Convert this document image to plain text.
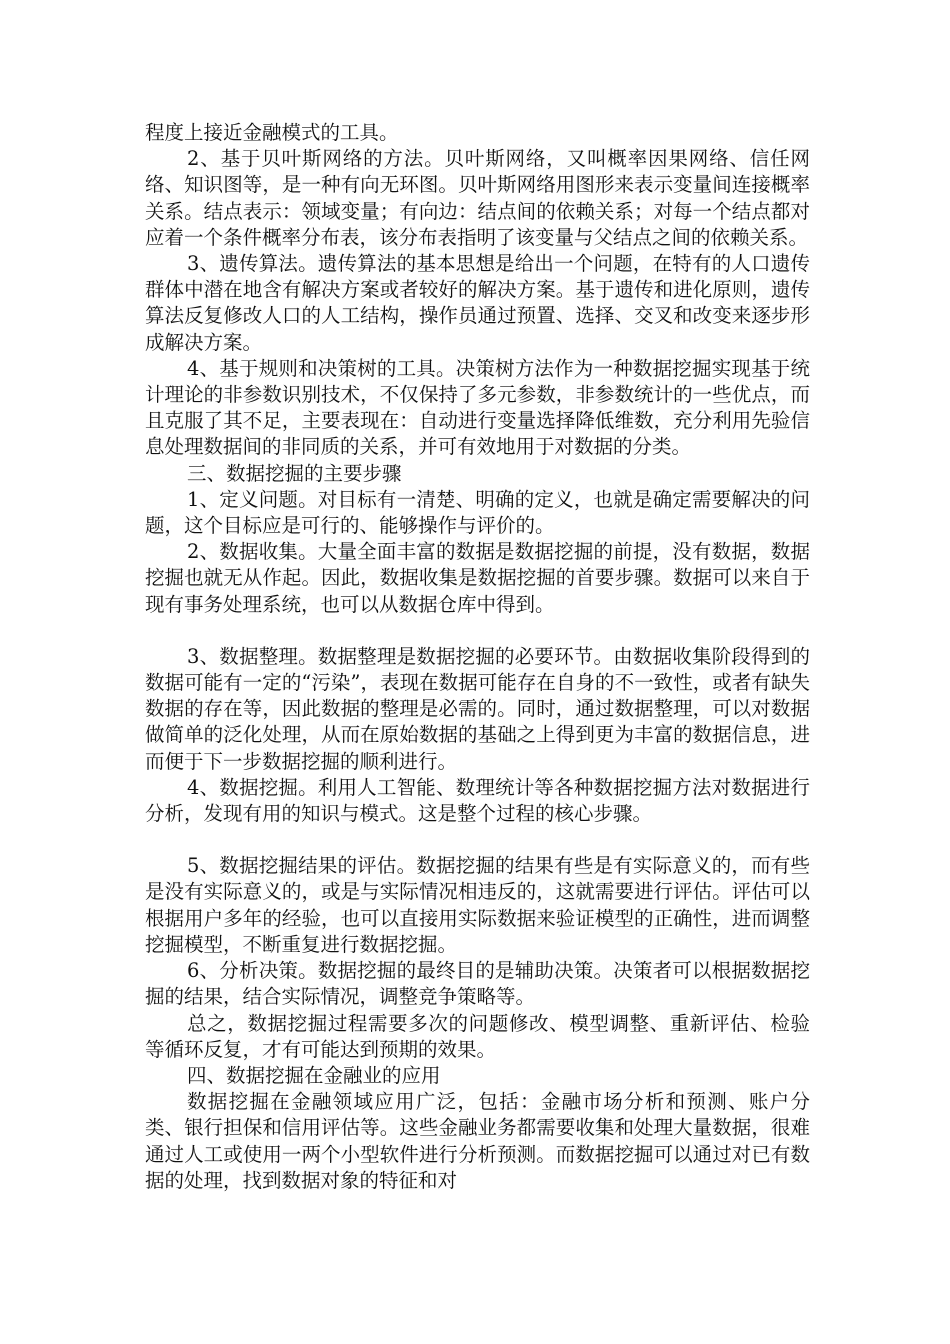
程度上接近金融模式的工具。

2、基于贝叶斯网络的方法。贝叶斯网络，又叫概率因果网络、信任网络、知识图等，是一种有向无环图。贝叶斯网络用图形来表示变量间连接概率关系。结点表示：领域变量；有向边：结点间的依赖关系；对每一个结点都对应着一个条件概率分布表，该分布表指明了该变量与父结点之间的依赖关系。

3、遗传算法。遗传算法的基本思想是给出一个问题，在特有的人口遗传群体中潜在地含有解决方案或者较好的解决方案。基于遗传和进化原则，遗传算法反复修改人口的人工结构，操作员通过预置、选择、交叉和改变来逐步形成解决方案。

4、基于规则和决策树的工具。决策树方法作为一种数据挖掘实现基于统计理论的非参数识别技术，不仅保持了多元参数，非参数统计的一些优点，而且克服了其不足，主要表现在：自动进行变量选择降低维数，充分利用先验信息处理数据间的非同质的关系，并可有效地用于对数据的分类。

三、数据挖掘的主要步骤

1、定义问题。对目标有一清楚、明确的定义，也就是确定需要解决的问题，这个目标应是可行的、能够操作与评价的。

2、数据收集。大量全面丰富的数据是数据挖掘的前提，没有数据，数据挖掘也就无从作起。因此，数据收集是数据挖掘的首要步骤。数据可以来自于现有事务处理系统，也可以从数据仓库中得到。

3、数据整理。数据整理是数据挖掘的必要环节。由数据收集阶段得到的数据可能有一定的“污染”，表现在数据可能存在自身的不一致性，或者有缺失数据的存在等，因此数据的整理是必需的。同时，通过数据整理，可以对数据做简单的泛化处理，从而在原始数据的基础之上得到更为丰富的数据信息，进而便于下一步数据挖掘的顺利进行。

4、数据挖掘。利用人工智能、数理统计等各种数据挖掘方法对数据进行分析，发现有用的知识与模式。这是整个过程的核心步骤。

5、数据挖掘结果的评估。数据挖掘的结果有些是有实际意义的，而有些是没有实际意义的，或是与实际情况相违反的，这就需要进行评估。评估可以根据用户多年的经验，也可以直接用实际数据来验证模型的正确性，进而调整挖掘模型，不断重复进行数据挖掘。

6、分析决策。数据挖掘的最终目的是辅助决策。决策者可以根据数据挖掘的结果，结合实际情况，调整竞争策略等。

总之，数据挖掘过程需要多次的问题修改、模型调整、重新评估、检验等循环反复，才有可能达到预期的效果。

四、数据挖掘在金融业的应用

数据挖掘在金融领域应用广泛，包括：金融市场分析和预测、账户分类、银行担保和信用评估等。这些金融业务都需要收集和处理大量数据，很难通过人工或使用一两个小型软件进行分析预测。而数据挖掘可以通过对已有数据的处理，找到数据对象的特征和对
